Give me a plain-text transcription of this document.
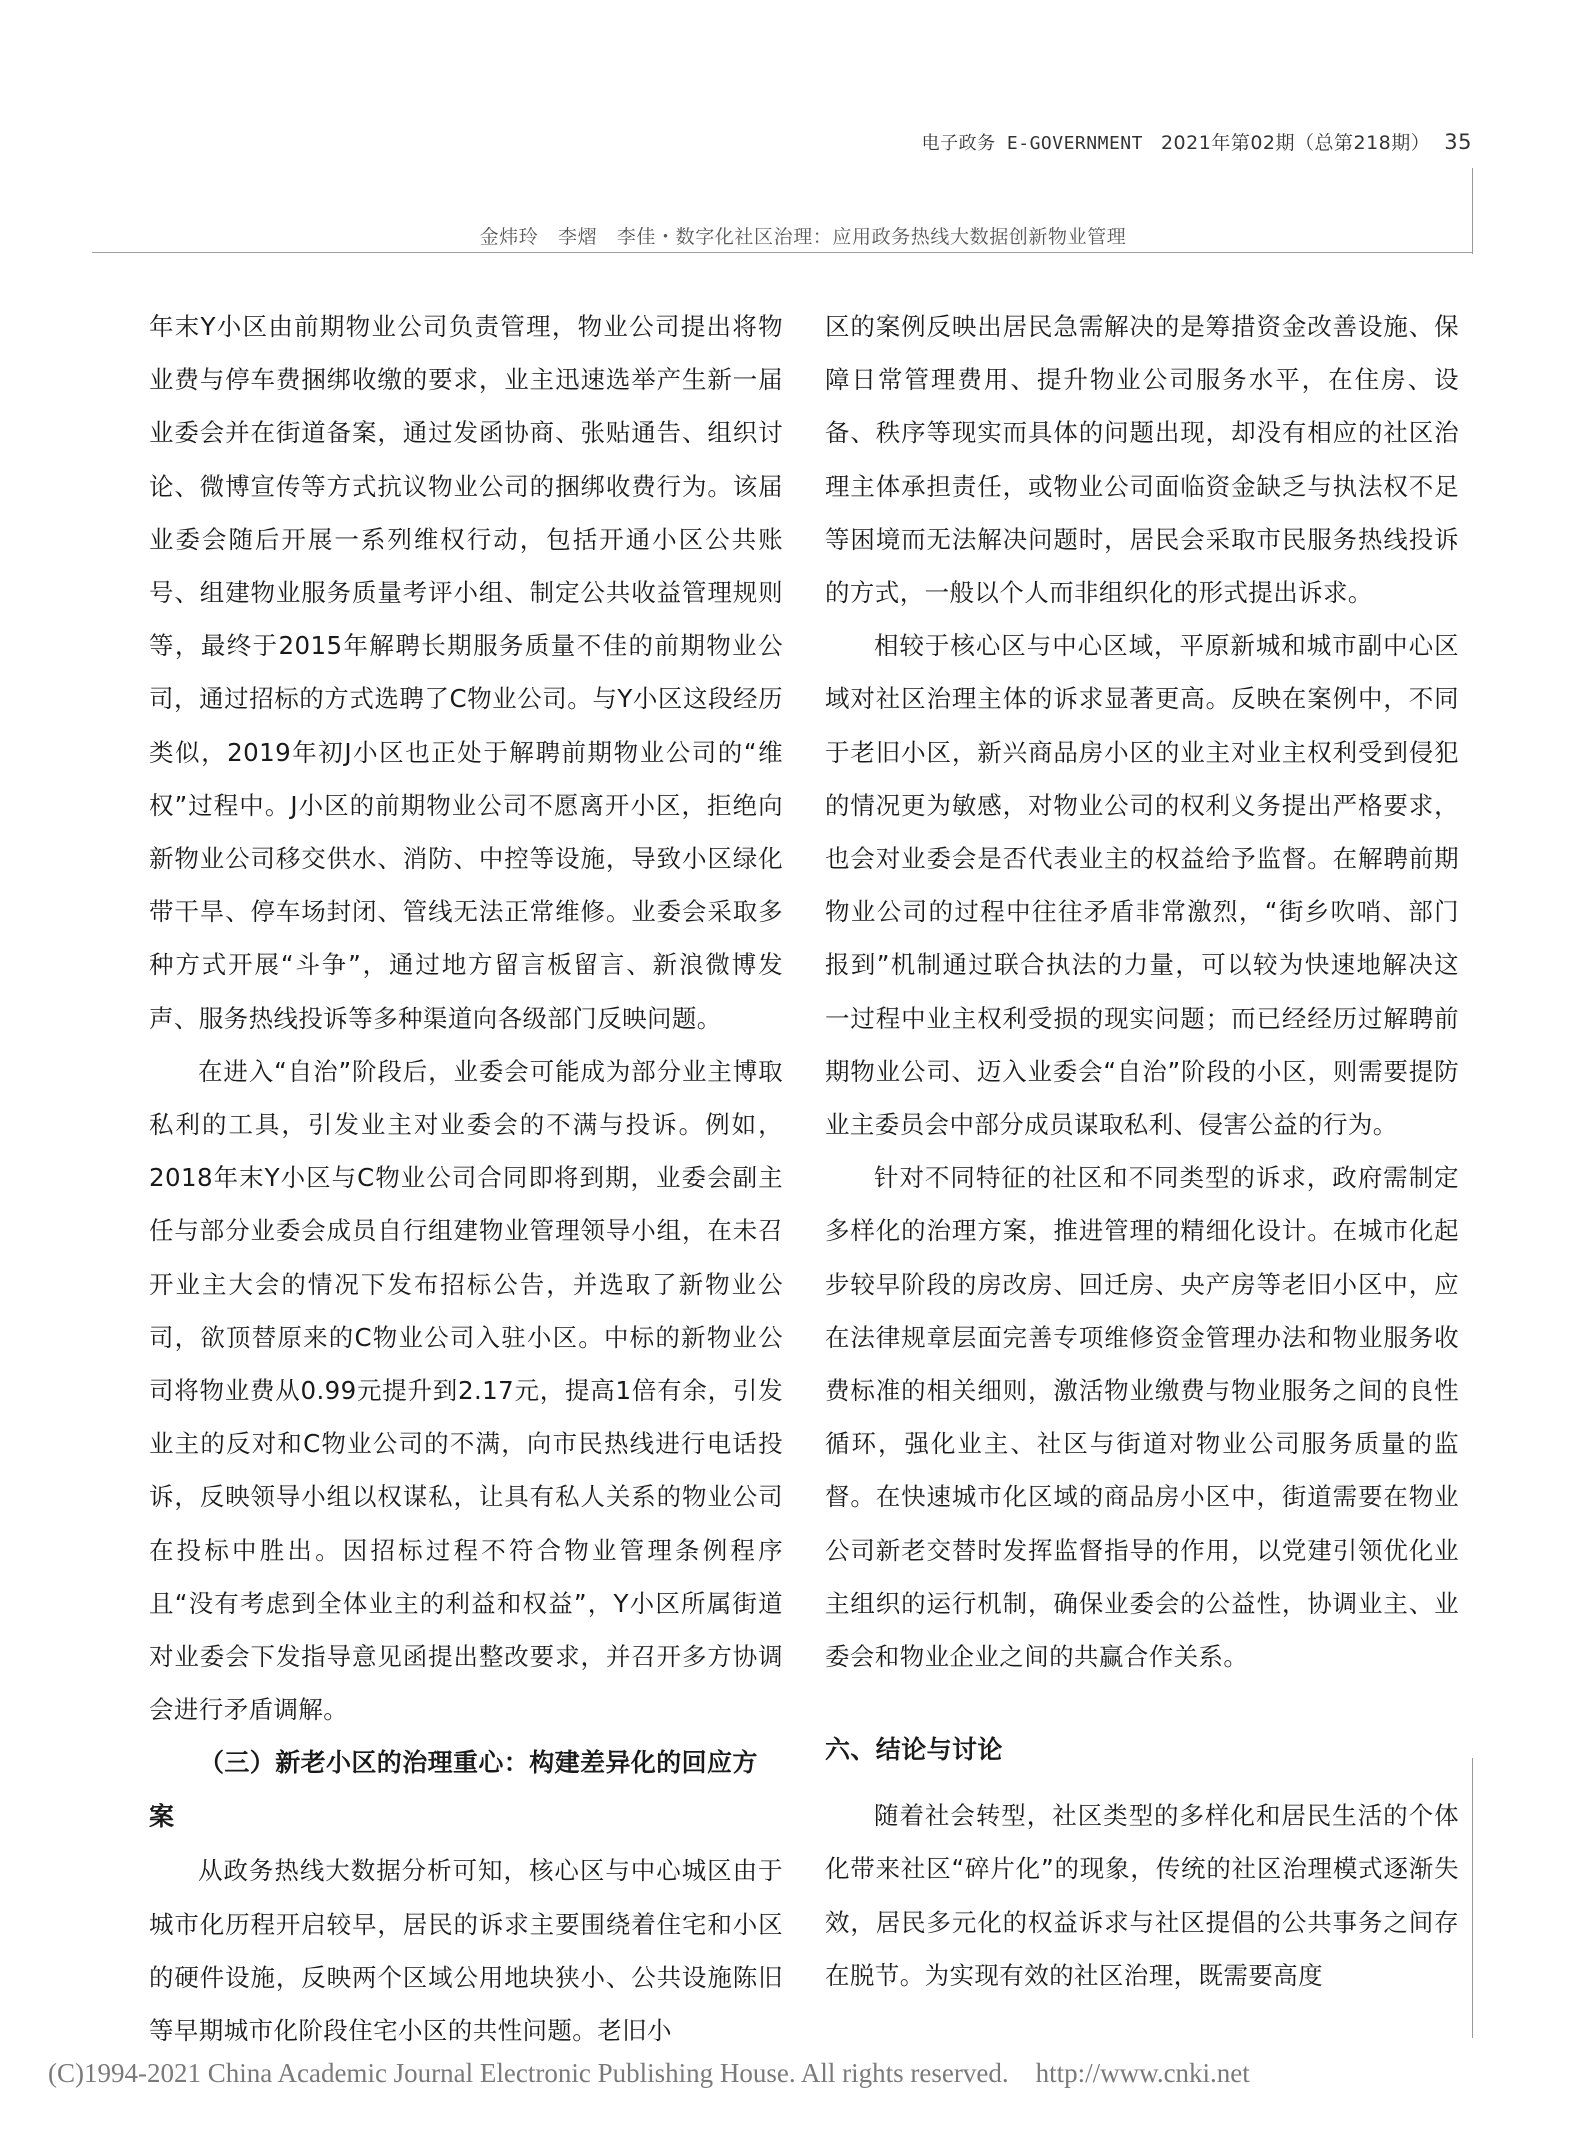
电子政务 E-GOVERNMENT 2021年第02期（总第218期） 35
金炜玲　李熠　李佳・数字化社区治理：应用政务热线大数据创新物业管理

年末Y小区由前期物业公司负责管理，物业公司提出将物业费与停车费捆绑收缴的要求，业主迅速选举产生新一届业委会并在街道备案，通过发函协商、张贴通告、组织讨论、微博宣传等方式抗议物业公司的捆绑收费行为。该届业委会随后开展一系列维权行动，包括开通小区公共账号、组建物业服务质量考评小组、制定公共收益管理规则等，最终于2015年解聘长期服务质量不佳的前期物业公司，通过招标的方式选聘了C物业公司。与Y小区这段经历类似，2019年初J小区也正处于解聘前期物业公司的“维权”过程中。J小区的前期物业公司不愿离开小区，拒绝向新物业公司移交供水、消防、中控等设施，导致小区绿化带干旱、停车场封闭、管线无法正常维修。业委会采取多种方式开展“斗争”，通过地方留言板留言、新浪微博发声、服务热线投诉等多种渠道向各级部门反映问题。

在进入“自治”阶段后，业委会可能成为部分业主博取私利的工具，引发业主对业委会的不满与投诉。例如，2018年末Y小区与C物业公司合同即将到期，业委会副主任与部分业委会成员自行组建物业管理领导小组，在未召开业主大会的情况下发布招标公告，并选取了新物业公司，欲顶替原来的C物业公司入驻小区。中标的新物业公司将物业费从0.99元提升到2.17元，提高1倍有余，引发业主的反对和C物业公司的不满，向市民热线进行电话投诉，反映领导小组以权谋私，让具有私人关系的物业公司在投标中胜出。因招标过程不符合物业管理条例程序且“没有考虑到全体业主的利益和权益”，Y小区所属街道对业委会下发指导意见函提出整改要求，并召开多方协调会进行矛盾调解。

（三）新老小区的治理重心：构建差异化的回应方案

从政务热线大数据分析可知，核心区与中心城区由于城市化历程开启较早，居民的诉求主要围绕着住宅和小区的硬件设施，反映两个区域公用地块狭小、公共设施陈旧等早期城市化阶段住宅小区的共性问题。老旧小

区的案例反映出居民急需解决的是筹措资金改善设施、保障日常管理费用、提升物业公司服务水平，在住房、设备、秩序等现实而具体的问题出现，却没有相应的社区治理主体承担责任，或物业公司面临资金缺乏与执法权不足等困境而无法解决问题时，居民会采取市民服务热线投诉的方式，一般以个人而非组织化的形式提出诉求。

相较于核心区与中心区域，平原新城和城市副中心区域对社区治理主体的诉求显著更高。反映在案例中，不同于老旧小区，新兴商品房小区的业主对业主权利受到侵犯的情况更为敏感，对物业公司的权利义务提出严格要求，也会对业委会是否代表业主的权益给予监督。在解聘前期物业公司的过程中往往矛盾非常激烈，“街乡吹哨、部门报到”机制通过联合执法的力量，可以较为快速地解决这一过程中业主权利受损的现实问题；而已经经历过解聘前期物业公司、迈入业委会“自治”阶段的小区，则需要提防业主委员会中部分成员谋取私利、侵害公益的行为。

针对不同特征的社区和不同类型的诉求，政府需制定多样化的治理方案，推进管理的精细化设计。在城市化起步较早阶段的房改房、回迁房、央产房等老旧小区中，应在法律规章层面完善专项维修资金管理办法和物业服务收费标准的相关细则，激活物业缴费与物业服务之间的良性循环，强化业主、社区与街道对物业公司服务质量的监督。在快速城市化区域的商品房小区中，街道需要在物业公司新老交替时发挥监督指导的作用，以党建引领优化业主组织的运行机制，确保业委会的公益性，协调业主、业委会和物业企业之间的共赢合作关系。

六、结论与讨论

随着社会转型，社区类型的多样化和居民生活的个体化带来社区“碎片化”的现象，传统的社区治理模式逐渐失效，居民多元化的权益诉求与社区提倡的公共事务之间存在脱节。为实现有效的社区治理，既需要高度

(C)1994-2021 China Academic Journal Electronic Publishing House. All rights reserved.    http://www.cnki.net
